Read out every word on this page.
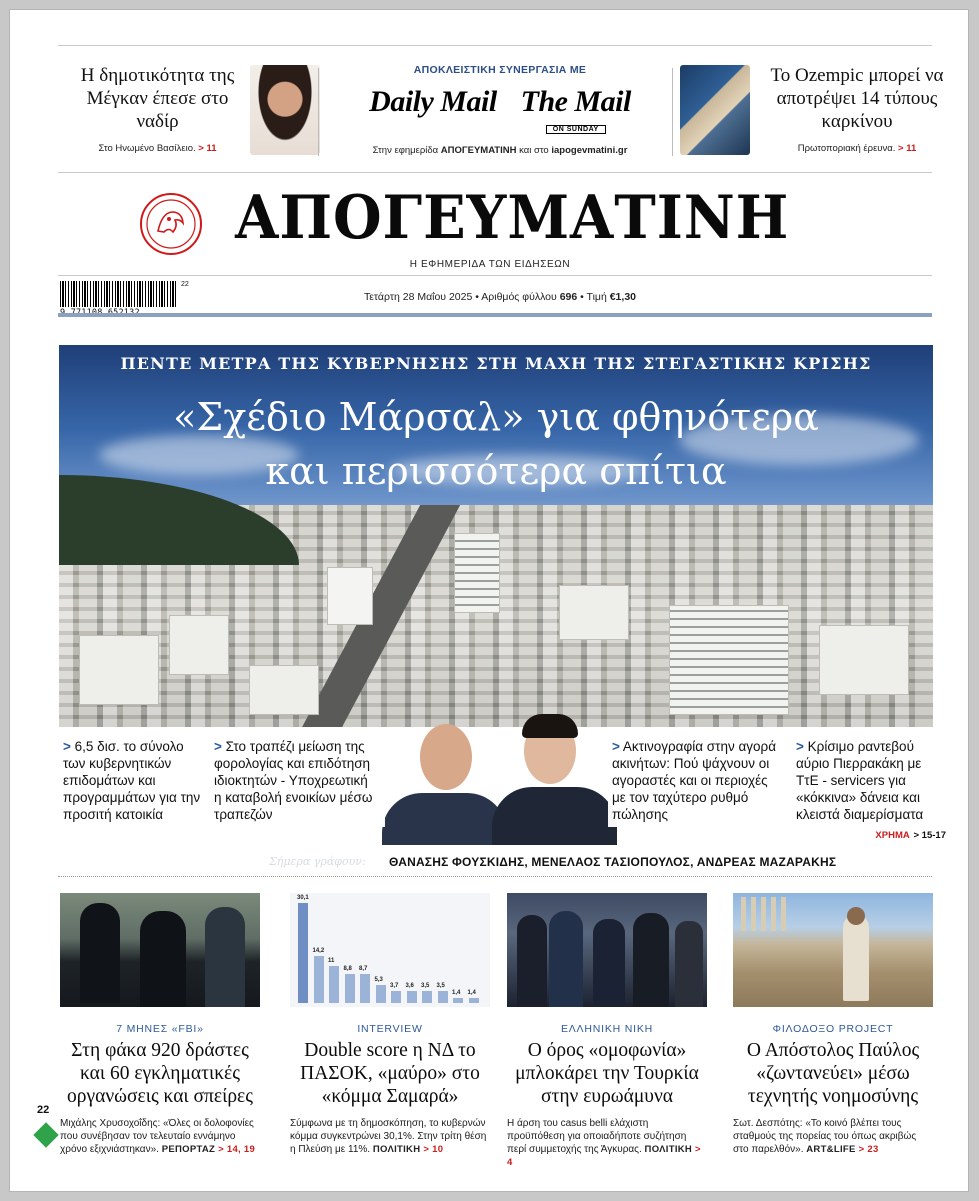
Η δημοτικότητα της Μέγκαν έπεσε στο ναδίρ
Στο Ηνωμένο Βασίλειο. > 11
ΑΠΟΚΛΕΙΣΤΙΚΗ ΣΥΝΕΡΓΑΣΙΑ ΜΕ
Daily Mail The Mail
ON SUNDAY
Στην εφημερίδα ΑΠΟΓΕΥΜΑΤΙΝΗ και στο iapogevmatini.gr
Το Ozempic μπορεί να αποτρέψει 14 τύπους καρκίνου
Πρωτοποριακή έρευνα. > 11
ΑΠΟΓΕΥΜΑΤΙΝΗ
Η ΕΦΗΜΕΡΙΔΑ ΤΩΝ ΕΙΔΗΣΕΩΝ
22
Τετάρτη 28 Μαΐου 2025 • Αριθμός φύλλου 696 • Τιμή €1,30
ΠΕΝΤΕ ΜΕΤΡΑ ΤΗΣ ΚΥΒΕΡΝΗΣΗΣ ΣΤΗ ΜΑΧΗ ΤΗΣ ΣΤΕΓΑΣΤΙΚΗΣ ΚΡΙΣΗΣ
«Σχέδιο Μάρσαλ» για φθηνότερα
και περισσότερα σπίτια
> 6,5 δισ. το σύνολο των κυβερνητικών επιδομάτων και προγραμμάτων για την προσιτή κατοικία
> Στο τραπέζι μείωση της φορολογίας και επιδότηση ιδιοκτητών - Υποχρεωτική η καταβολή ενοικίων μέσω τραπεζών
> Ακτινογραφία στην αγορά ακινήτων: Πού ψάχνουν οι αγοραστές και οι περιοχές με τον ταχύτερο ρυθμό πώλησης
> Κρίσιμο ραντεβού αύριο Πιερρακάκη με ΤτΕ - servicers για «κόκκινα» δάνεια και κλειστά διαμερίσματα
ΧΡΗΜΑ > 15-17
Σήμερα γράφουν: ΘΑΝΑΣΗΣ ΦΟΥΣΚΙΔΗΣ, ΜΕΝΕΛΑΟΣ ΤΑΣΙΟΠΟΥΛΟΣ, ΑΝΔΡΕΑΣ ΜΑΖΑΡΑΚΗΣ
7 ΜΗΝΕΣ «FBI»
Στη φάκα 920 δράστες και 60 εγκληματικές οργανώσεις και σπείρες
Μιχάλης Χρυσοχοΐδης: «Όλες οι δολοφονίες που συνέβησαν τον τελευταίο εννάμηνο χρόνο εξιχνιάστηκαν». ΡΕΠΟΡΤΑΖ > 14, 19
30,1
14,2
11
8,8 8,7
5,3
3,7 3,6 3,5 3,5
1,4 1,4
INTERVIEW
Double score η ΝΔ το ΠΑΣΟΚ, «μαύρο» στο «κόμμα Σαμαρά»
Σύμφωνα με τη δημοσκόπηση, το κυβερνών κόμμα συγκεντρώνει 30,1%. Στην τρίτη θέση η Πλεύση με 11%. ΠΟΛΙΤΙΚΗ > 10
ΕΛΛΗΝΙΚΗ ΝΙΚΗ
Ο όρος «ομοφωνία» μπλοκάρει την Τουρκία στην ευρωάμυνα
Η άρση του casus belli ελάχιστη προϋπόθεση για οποιαδήποτε συζήτηση περί συμμετοχής της Άγκυρας. ΠΟΛΙΤΙΚΗ > 4
ΦΙΛΟΔΟΞΟ PROJECT
Ο Απόστολος Παύλος «ζωντανεύει» μέσω τεχνητής νοημοσύνης
Σωτ. Δεσπότης: «Το κοινό βλέπει τους σταθμούς της πορείας του όπως ακριβώς στο παρελθόν». ART&LIFE > 23
22
